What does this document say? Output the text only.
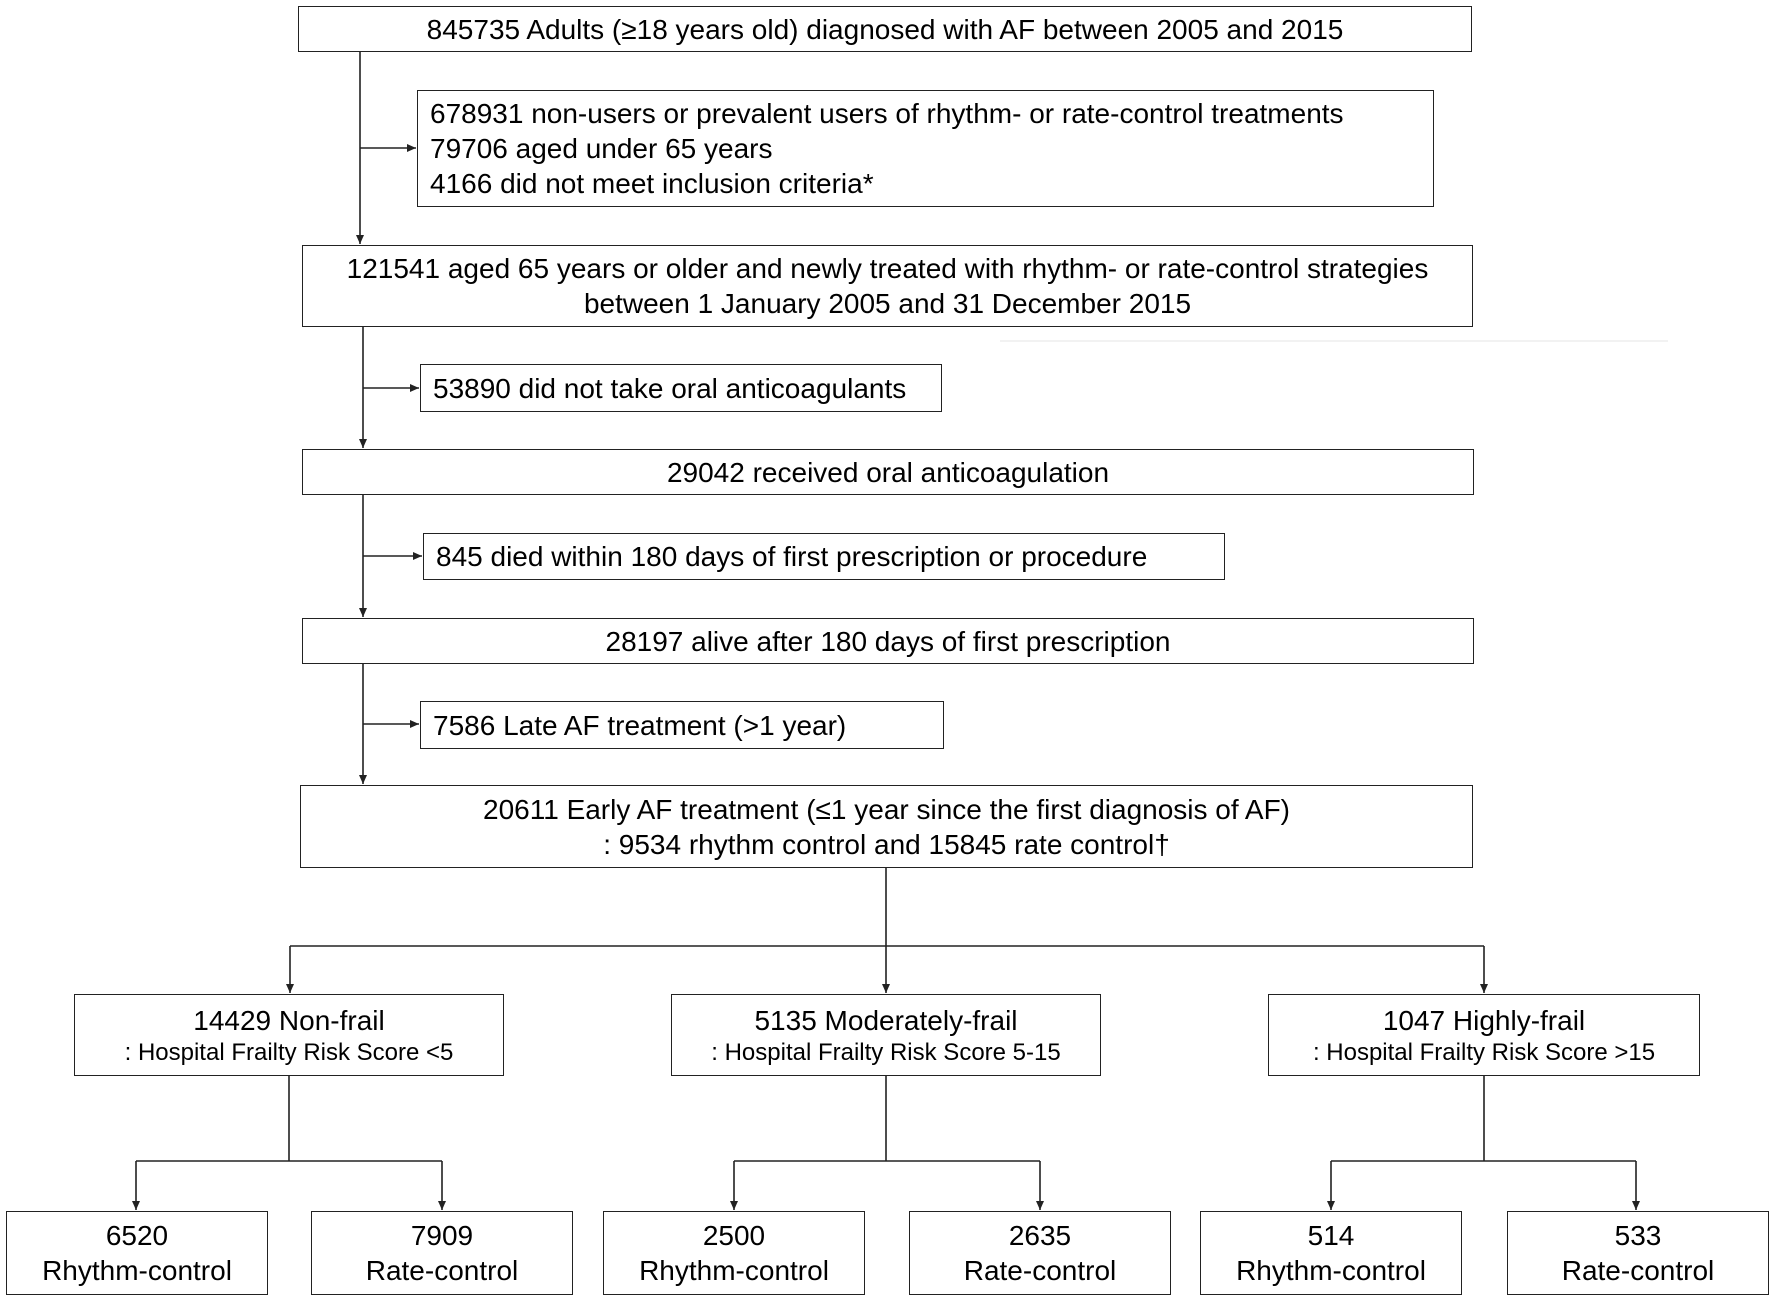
845735 Adults (≥18 years old) diagnosed with AF between 2005 and 2015
678931 non-users or prevalent users of rhythm- or rate-control treatments
79706 aged under 65 years
4166 did not meet inclusion criteria*
121541 aged 65 years or older and newly treated with rhythm- or rate-control strategies
between 1 January 2005 and 31 December 2015
53890 did not take oral anticoagulants
29042 received oral anticoagulation
845 died within 180 days of first prescription or procedure
28197 alive after 180 days of first prescription
7586 Late AF treatment (>1 year)
20611 Early AF treatment (≤1 year since the first diagnosis of AF)
: 9534 rhythm control and 15845 rate control†
14429 Non-frail
: Hospital Frailty Risk Score <5
5135 Moderately-frail
: Hospital Frailty Risk Score 5-15
1047 Highly-frail
: Hospital Frailty Risk Score >15
6520
Rhythm-control
7909
Rate-control
2500
Rhythm-control
2635
Rate-control
514
Rhythm-control
533
Rate-control
